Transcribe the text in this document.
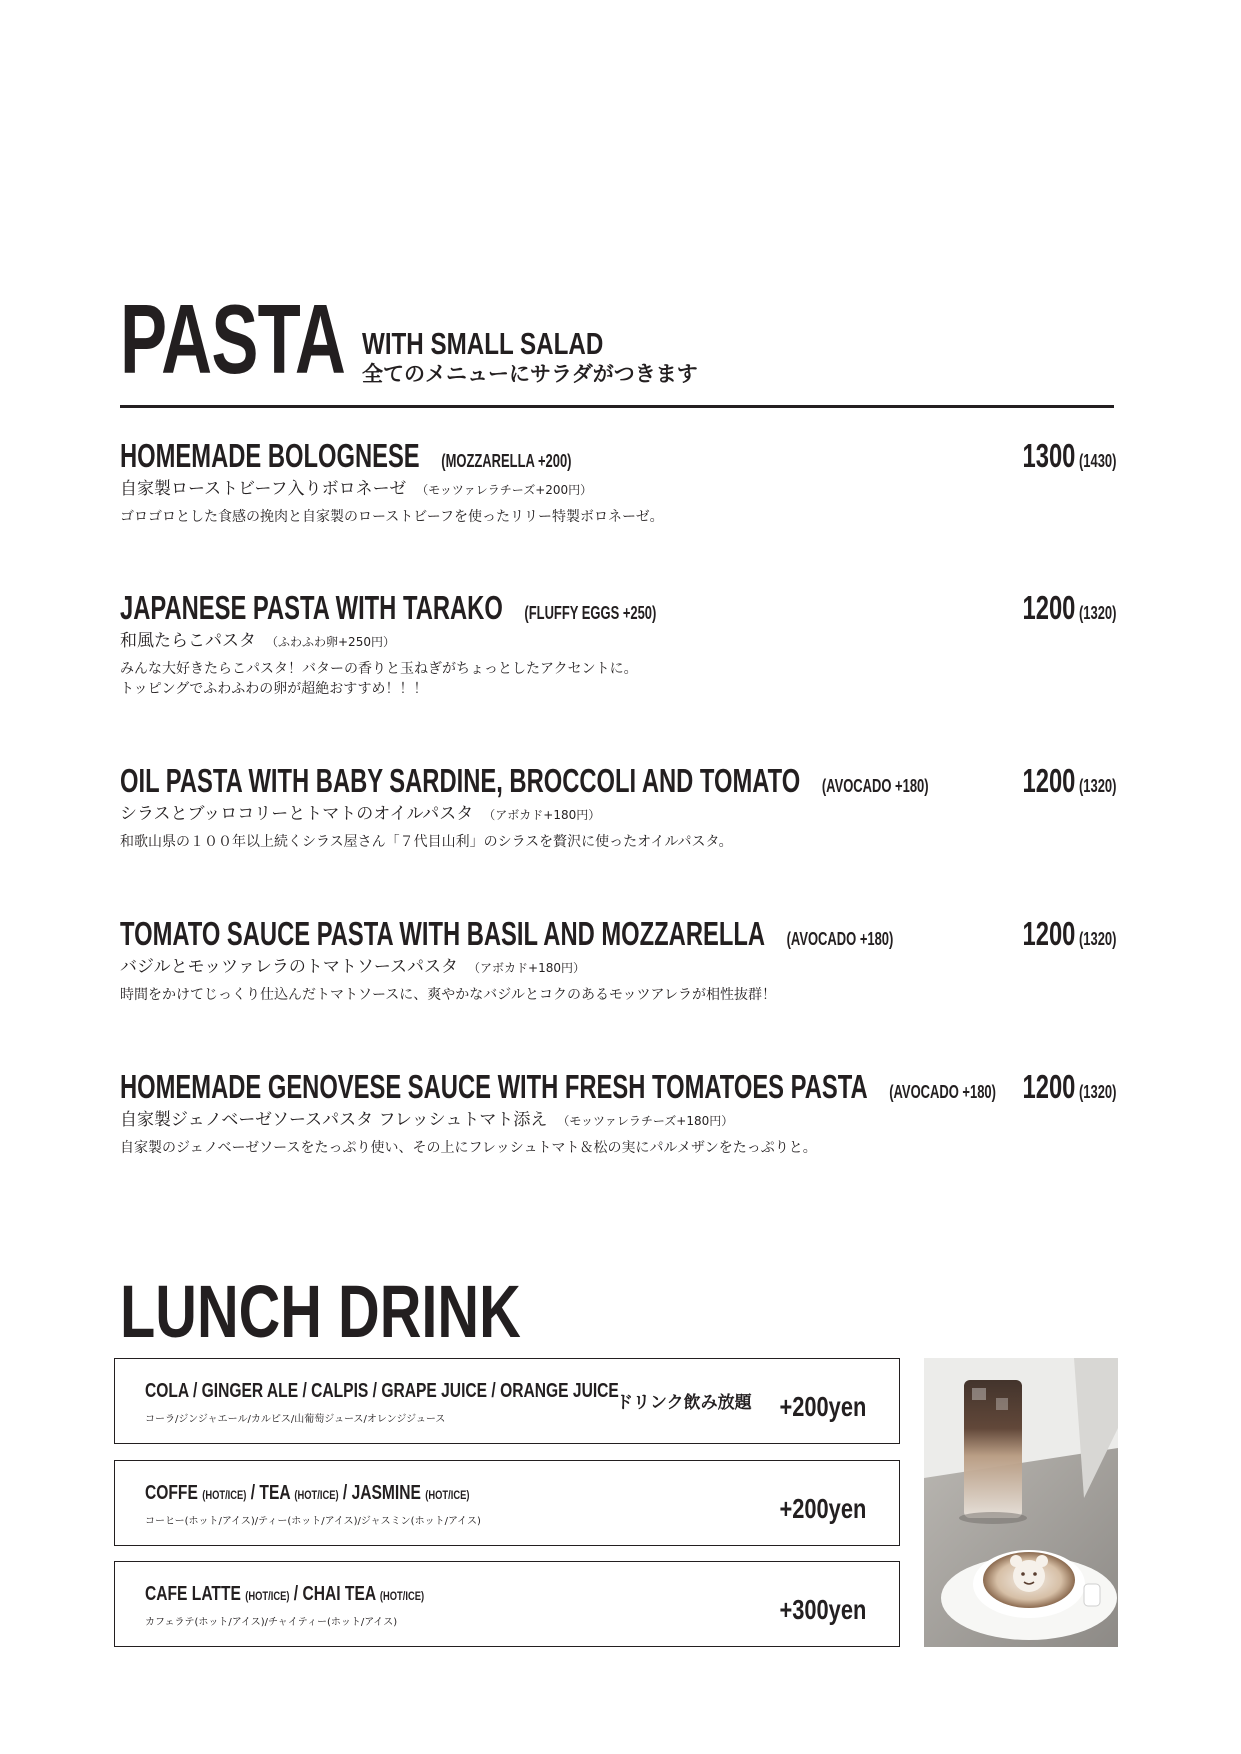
PASTA WITH SMALL SALAD
全てのメニューにサラダがつきます
HOMEMADE BOLOGNESE (MOZZARELLA +200)	1300 (1430)
自家製ローストビーフ入りボロネーゼ （モッツァレラチーズ+200円）
ゴロゴロとした食感の挽肉と自家製のローストビーフを使ったリリー特製ボロネーゼ。
JAPANESE PASTA WITH TARAKO (FLUFFY EGGS +250)	1200 (1320)
和風たらこパスタ （ふわふわ卵+250円）
みんな大好きたらこパスタ！バターの香りと玉ねぎがちょっとしたアクセントに。
トッピングでふわふわの卵が超絶おすすめ！！！
OIL PASTA WITH BABY SARDINE, BROCCOLI AND TOMATO (AVOCADO +180)	1200 (1320)
シラスとブッロコリーとトマトのオイルパスタ （アボカド+180円）
和歌山県の１００年以上続くシラス屋さん「７代目山利」のシラスを贅沢に使ったオイルパスタ。
TOMATO SAUCE PASTA WITH BASIL AND MOZZARELLA (AVOCADO +180)	1200 (1320)
バジルとモッツァレラのトマトソースパスタ （アボカド+180円）
時間をかけてじっくり仕込んだトマトソースに、爽やかなバジルとコクのあるモッツアレラが相性抜群！
HOMEMADE GENOVESE SAUCE WITH FRESH TOMATOES PASTA (AVOCADO +180) 1200 (1320)
自家製ジェノベーゼソースパスタ フレッシュトマト添え （モッツァレラチーズ+180円）
自家製のジェノベーゼソースをたっぷり使い、その上にフレッシュトマト＆松の実にパルメザンをたっぷりと。
LUNCH DRINK
COLA / GINGER ALE / CALPIS / GRAPE JUICE / ORANGE JUICE
コーラ/ジンジャエール/カルピス/山葡萄ジュース/オレンジジュース
ドリンク飲み放題 +200yen
COFFE (HOT/ICE) / TEA (HOT/ICE) / JASMINE (HOT/ICE)
コーヒー(ホット/アイス)/ティー(ホット/アイス)/ジャスミン(ホット/アイス)	+200yen
CAFE LATTE (HOT/ICE) / CHAI TEA (HOT/ICE)
カフェラテ(ホット/アイス)/チャイティー(ホット/アイス)	+300yen
